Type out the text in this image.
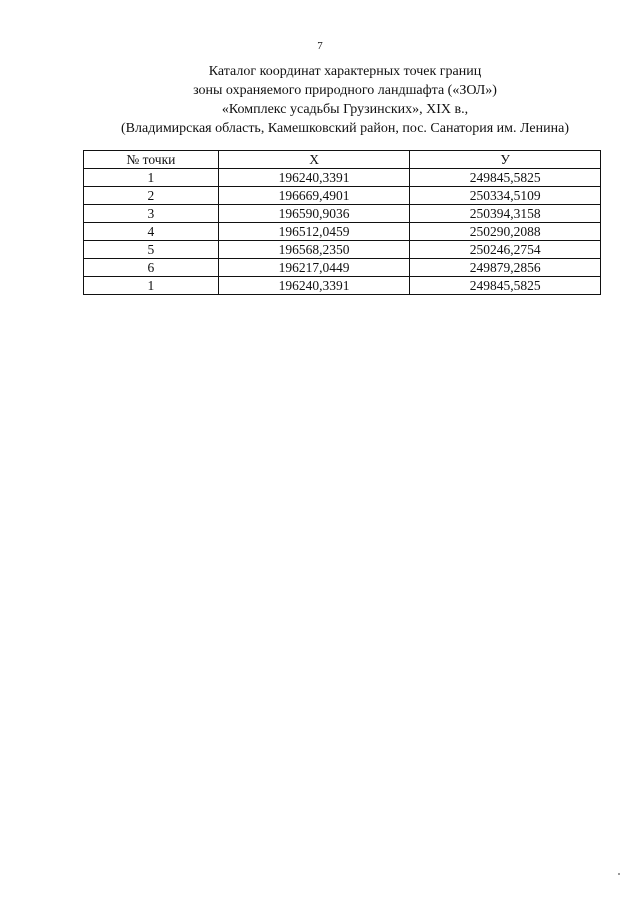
7
Каталог координат характерных точек границ
зоны охраняемого природного ландшафта («ЗОЛ»)
«Комплекс усадьбы Грузинских», XIX в.,
(Владимирская область, Камешковский район, пос. Санатория им. Ленина)
№ точки	Х	У
1	196240,3391	249845,5825
2	196669,4901	250334,5109
3	196590,9036	250394,3158
4	196512,0459	250290,2088
5	196568,2350	250246,2754
6	196217,0449	249879,2856
1	196240,3391	249845,5825
